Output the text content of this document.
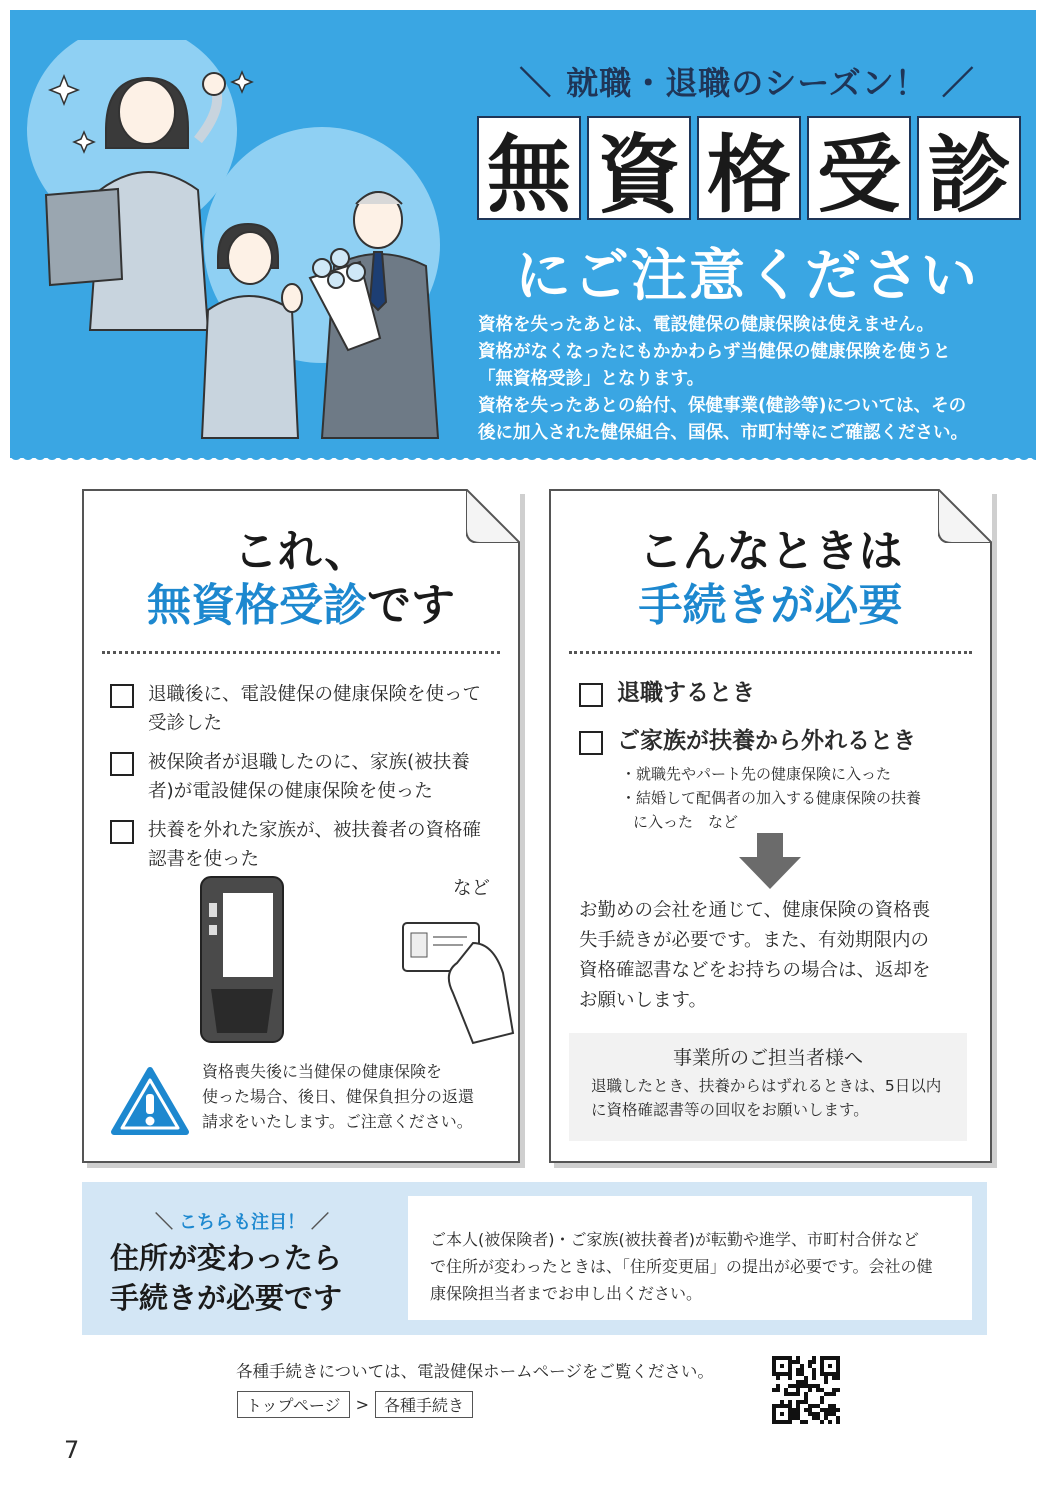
＼ 就職・退職のシーズン！ ／
無 資 格 受 診
にご注意ください

資格を失ったあとは、電設健保の健康保険は使えません。

資格がなくなったにもかかわらず当健保の健康保険を使うと

「無資格受診」となります。

資格を失ったあとの給付、保健事業(健診等)については、その

後に加入された健保組合、国保、市町村等にご確認ください。

これ、
無資格受診です
退職後に、電設健保の健康保険を使って受診した
被保険者が退職したのに、家族(被扶養者)が電設健保の健康保険を使った
扶養を外れた家族が、被扶養者の資格確認書を使った
など

資格喪失後に当健保の健康保険を

使った場合、後日、健保負担分の返還

請求をいたします。ご注意ください。

こんなときは
手続きが必要
退職するとき
ご家族が扶養から外れるとき

・就職先やパート先の健康保険に入った

・結婚して配偶者の加入する健康保険の扶養

に入った　など

お勤めの会社を通じて、健康保険の資格喪

失手続きが必要です。また、有効期限内の

資格確認書などをお持ちの場合は、返却を

お願いします。

事業所のご担当者様へ

退職したとき、扶養からはずれるときは、5日以内

に資格確認書等の回収をお願いします。

＼ こちらも注目！ ／

住所が変わったら

手続きが必要です

ご本人(被保険者)・ご家族(被扶養者)が転勤や進学、市町村合併など

で住所が変わったときは、「住所変更届」の提出が必要です。会社の健

康保険担当者までお申し出ください。

各種手続きについては、電設健保ホームページをご覧ください。
トップページ > 各種手続き
7
